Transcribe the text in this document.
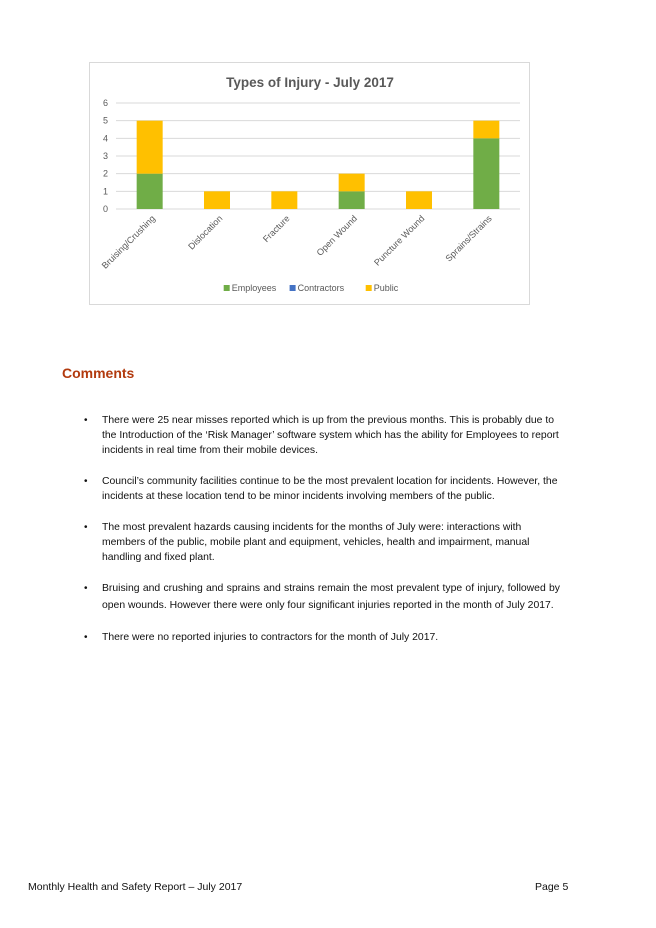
Types of Injury - July 2017
0
1
2
3
4
5
6
Bruising/Crushing	Dislocation	Fracture	Open Wound Puncture Wound Sprains/Strains
Employees Contractors	Public
Comments
• There were 25 near misses reported which is up from the previous months. This is probably due to the Introduction of the ‘Risk Manager’ software system which has the ability for Employees to report incidents in real time from their mobile devices.
• Council’s community facilities continue to be the most prevalent location for incidents. However, the incidents at these location tend to be minor incidents involving members of the public.
• The most prevalent hazards causing incidents for the months of July were: interactions with members of the public, mobile plant and equipment, vehicles, health and impairment, manual handling and fixed plant.
• Bruising and crushing and sprains and strains remain the most prevalent type of injury, followed by open wounds. However there were only four significant injuries reported in the month of July 2017.
• There were no reported injuries to contractors for the month of July 2017.
Monthly Health and Safety Report – July 2017	Page 5
